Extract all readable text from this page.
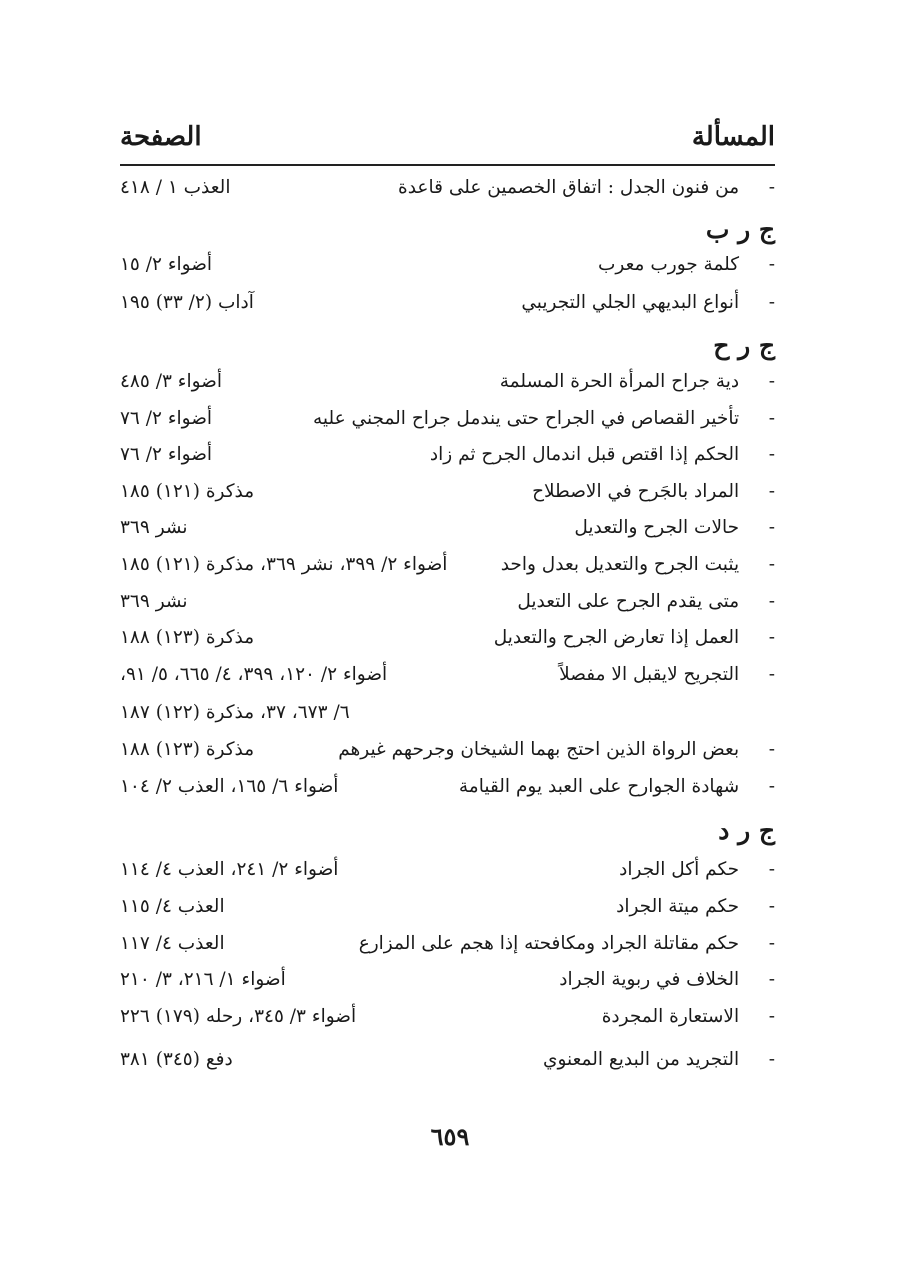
المسألة
الصفحة
- من فنون الجدل : اتفاق الخصمين على قاعدة
العذب ١ / ٤١٨
ج ر ب
- كلمة جورب معرب
أضواء ٢/ ١٥
- أنواع البديهي الجلي التجريبي
آداب (٢/ ٣٣) ١٩٥
ج ر ح
- دية جراح المرأة الحرة المسلمة
أضواء ٣/ ٤٨٥
- تأخير القصاص في الجراح حتى يندمل جراح المجني عليه
أضواء ٢/ ٧٦
- الحكم إذا اقتص قبل اندمال الجرح ثم زاد
أضواء ٢/ ٧٦
- المراد بالجَرح في الاصطلاح
مذكرة (١٢١) ١٨٥
- حالات الجرح والتعديل
نشر ٣٦٩
- يثبت الجرح والتعديل بعدل واحد
أضواء ٢/ ٣٩٩، نشر ٣٦٩، مذكرة (١٢١) ١٨٥
- متى يقدم الجرح على التعديل
نشر ٣٦٩
- العمل إذا تعارض الجرح والتعديل
مذكرة (١٢٣) ١٨٨
- التجريح لايقبل الا مفصلاً
أضواء ٢/ ١٢٠، ٣٩٩، ٤/ ٦٦٥، ٥/ ٩١،
٦/ ٦٧٣، ٣٧، مذكرة (١٢٢) ١٨٧
- بعض الرواة الذين احتج بهما الشيخان وجرحهم غيرهم
مذكرة (١٢٣) ١٨٨
- شهادة الجوارح على العبد يوم القيامة
أضواء ٦/ ١٦٥، العذب ٢/ ١٠٤
ج ر د
- حكم أكل الجراد
أضواء ٢/ ٢٤١، العذب ٤/ ١١٤
- حكم ميتة الجراد
العذب ٤/ ١١٥
- حكم مقاتلة الجراد ومكافحته إذا هجم على المزارع
العذب ٤/ ١١٧
- الخلاف في ربوية الجراد
أضواء ١/ ٢١٦، ٣/ ٢١٠
- الاستعارة المجردة
أضواء ٣/ ٣٤٥، رحله (١٧٩) ٢٢٦
- التجريد من البديع المعنوي
دفع (٣٤٥) ٣٨١
٦٥٩
